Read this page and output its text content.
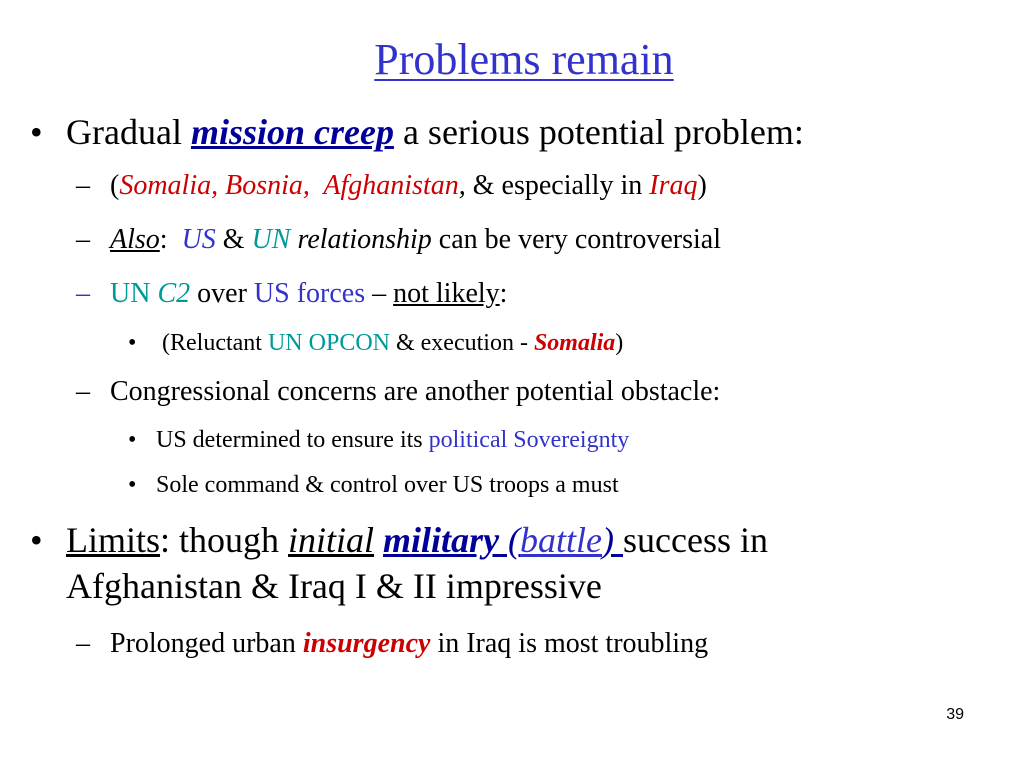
Problems remain
• Gradual mission creep a serious potential problem:
– (Somalia, Bosnia,  Afghanistan, & especially in Iraq)
– Also:  US & UN relationship can be very controversial
– UN C2 over US forces – not likely:
• (Reluctant UN OPCON & execution - Somalia)
– Congressional concerns are another potential obstacle:
• US determined to ensure its political Sovereignty
• Sole command & control over US troops a must
• Limits: though initial military (battle) success in
Afghanistan & Iraq I & II impressive
– Prolonged urban insurgency in Iraq is most troubling
39
